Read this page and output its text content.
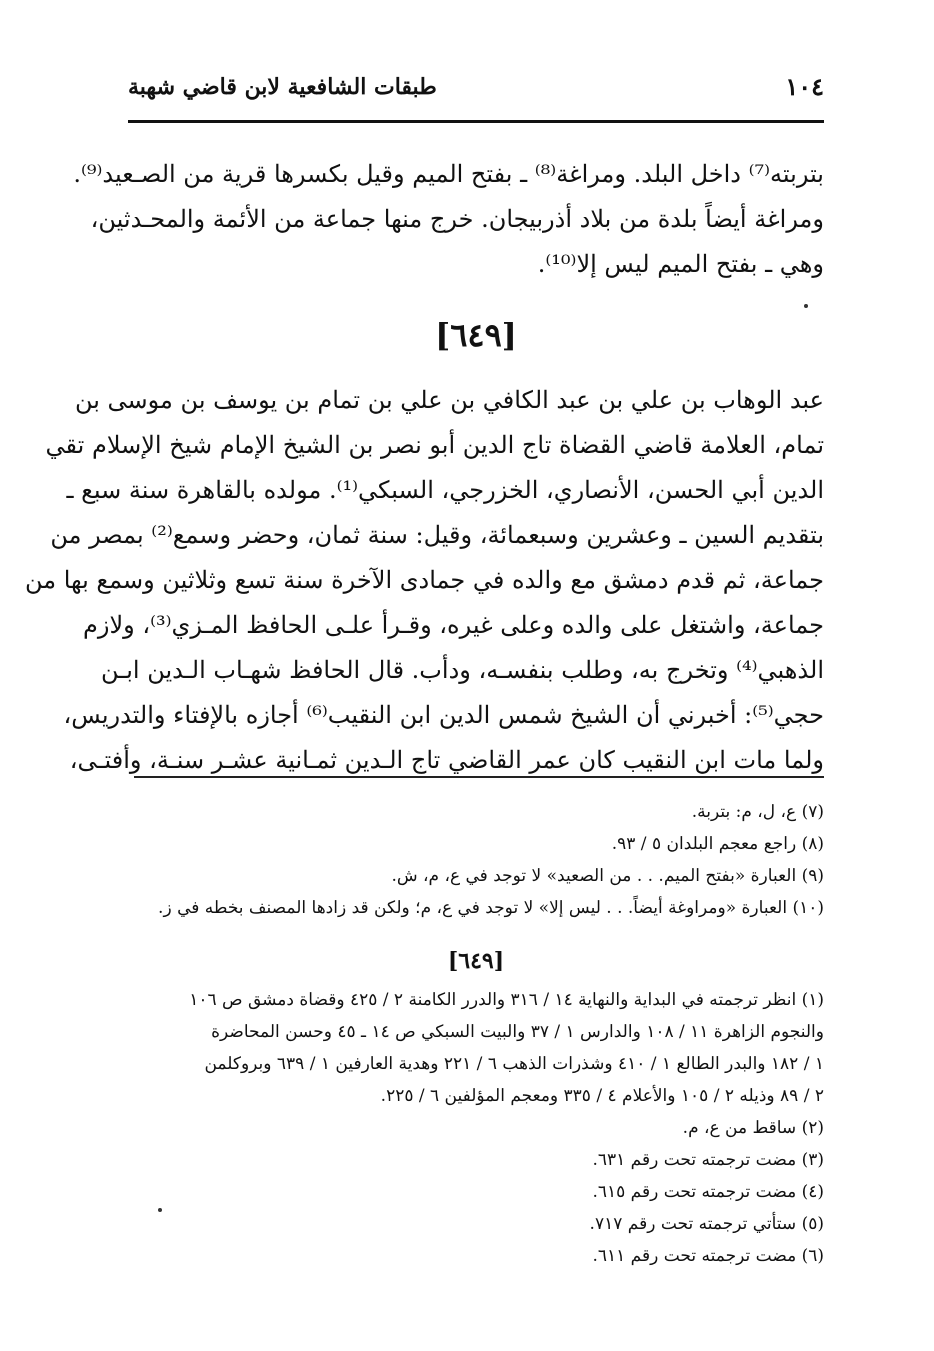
١٠٤
طبقات الشافعية لابن قاضي شهبة
بتربته⁽⁷⁾ داخل البلد. ومراغة⁽⁸⁾ ـ بفتح الميم وقيل بكسرها قرية من الصـعيد⁽⁹⁾.
ومراغة أيضاً بلدة من بلاد أذربيجان. خرج منها جماعة من الأئمة والمحـدثين،
وهي ـ بفتح الميم ليس إلا⁽¹⁰⁾.
[٦٤٩]
عبد الوهاب بن علي بن عبد الكافي بن علي بن تمام بن يوسف بن موسى بن
تمام، العلامة قاضي القضاة تاج الدين أبو نصر بن الشيخ الإمام شيخ الإسلام تقي
الدين أبي الحسن، الأنصاري، الخزرجي، السبكي⁽¹⁾. مولده بالقاهرة سنة سبع ـ
بتقديم السين ـ وعشرين وسبعمائة، وقيل: سنة ثمان، وحضر وسمع⁽²⁾ بمصر من
جماعة، ثم قدم دمشق مع والده في جمادى الآخرة سنة تسع وثلاثين وسمع بها من
جماعة، واشتغل على والده وعلى غيره، وقـرأ علـى الحافظ المـزي⁽³⁾، ولازم
الذهبي⁽⁴⁾ وتخرج به، وطلب بنفسـه، ودأب. قال الحافظ شهـاب الـدين ابـن
حجي⁽⁵⁾: أخبرني أن الشيخ شمس الدين ابن النقيب⁽⁶⁾ أجازه بالإفتاء والتدريس،
ولما مات ابن النقيب كان عمر القاضي تاج الـدين ثمـانية عشـر سنـة، وأفتـى،
(٧) ع، ل، م: بتربة.
(٨) راجع معجم البلدان ٥ / ٩٣.
(٩) العبارة «بفتح الميم. . . من الصعيد» لا توجد في ع، م، ش.
(١٠) العبارة «ومراوغة أيضاً. . . ليس إلا» لا توجد في ع، م؛ ولكن قد زادها المصنف بخطه في ز.
[٦٤٩]
(١) انظر ترجمته في البداية والنهاية ١٤ / ٣١٦ والدرر الكامنة ٢ / ٤٢٥ وقضاة دمشق ص ١٠٦
والنجوم الزاهرة ١١ / ١٠٨ والدارس ١ / ٣٧ والبيت السبكي ص ١٤ ـ ٤٥ وحسن المحاضرة
١ / ١٨٢ والبدر الطالع ١ / ٤١٠ وشذرات الذهب ٦ / ٢٢١ وهدية العارفين ١ / ٦٣٩ وبروكلمن
٢ / ٨٩ وذيله ٢ / ١٠٥ والأعلام ٤ / ٣٣٥ ومعجم المؤلفين ٦ / ٢٢٥.
(٢) ساقط من ع، م.
(٣) مضت ترجمته تحت رقم ٦٣١.
(٤) مضت ترجمته تحت رقم ٦١٥.
(٥) ستأتي ترجمته تحت رقم ٧١٧.
(٦) مضت ترجمته تحت رقم ٦١١.
